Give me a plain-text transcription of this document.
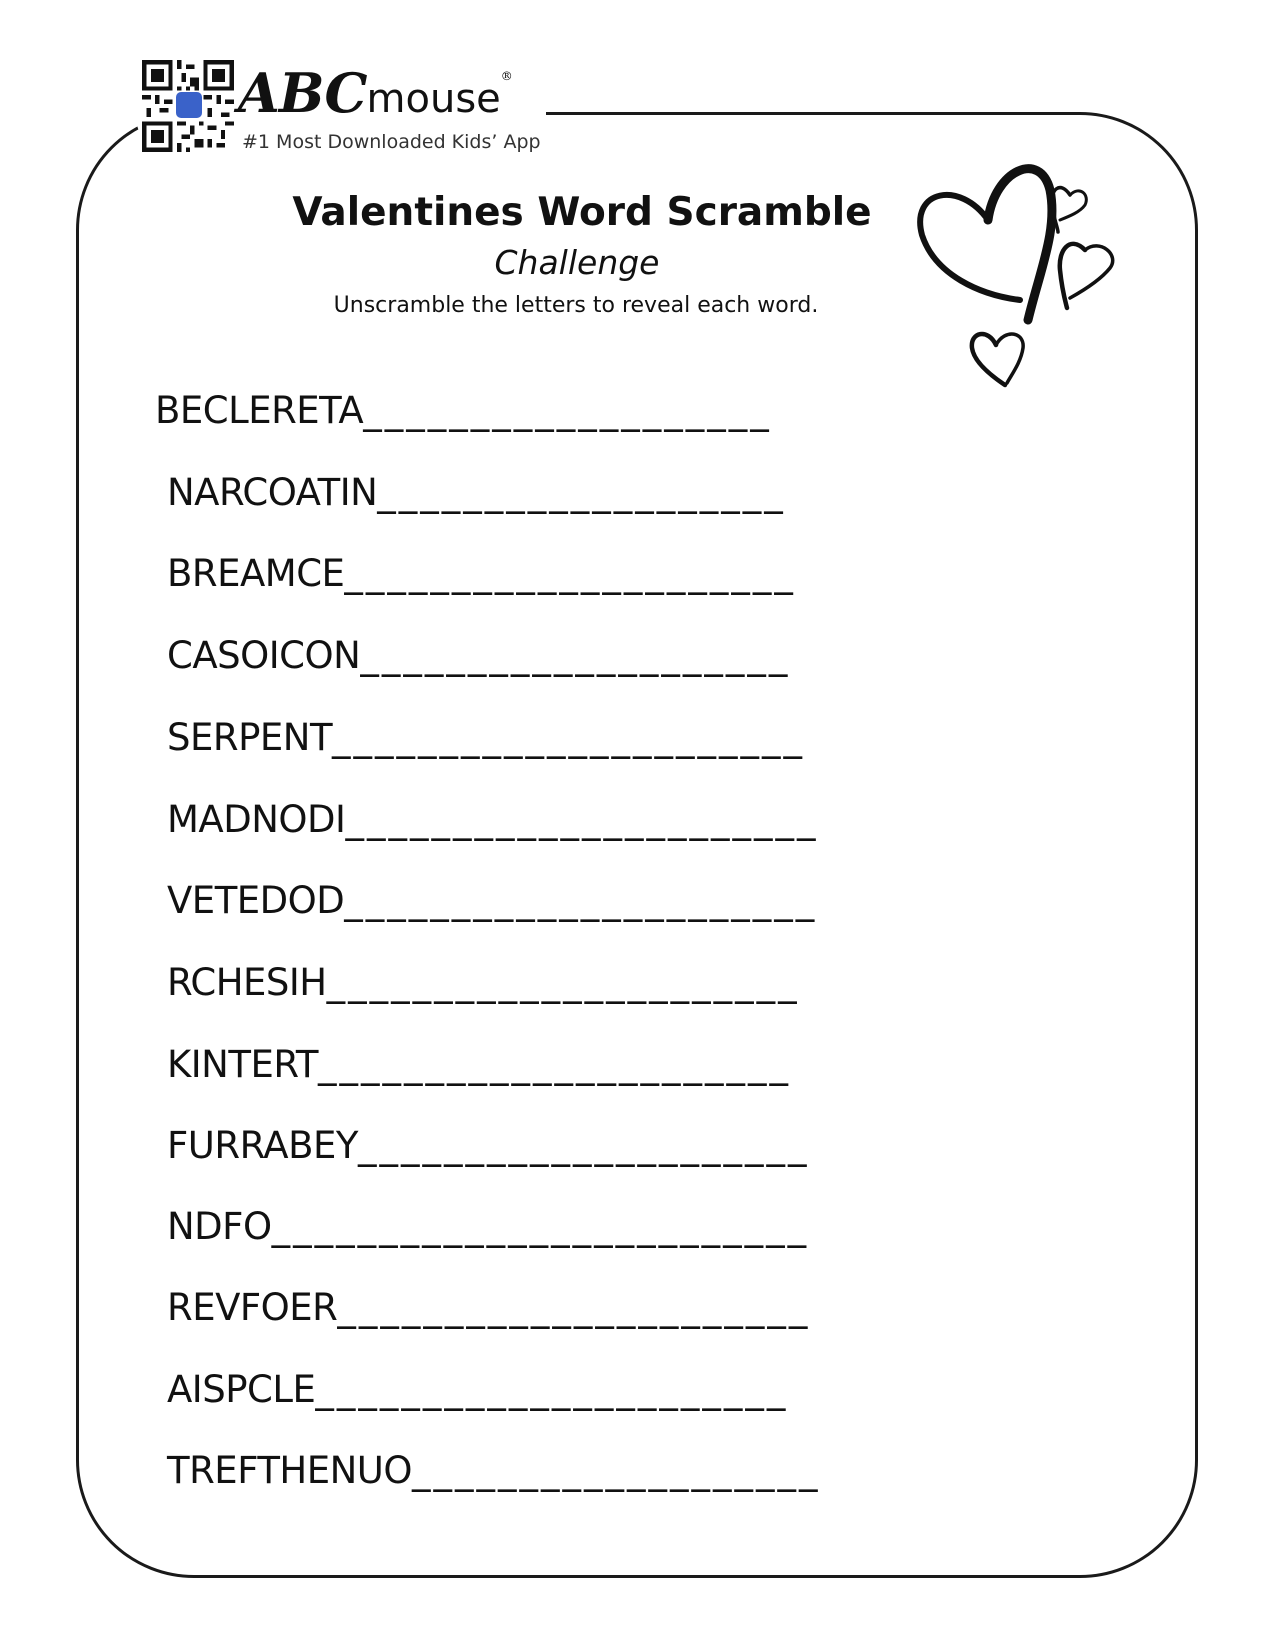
ABCmouse®
#1 Most Downloaded Kids’ App
Valentines Word Scramble
Challenge
Unscramble the letters to reveal each word.
BECLERETA___________________
NARCOATIN___________________
BREAMCE_____________________
CASOICON____________________
SERPENT______________________
MADNODI______________________
VETEDOD______________________
RCHESIH______________________
KINTERT______________________
FURRABEY_____________________
NDFO_________________________
REVFOER______________________
AISPCLE______________________
TREFTHENUO___________________
